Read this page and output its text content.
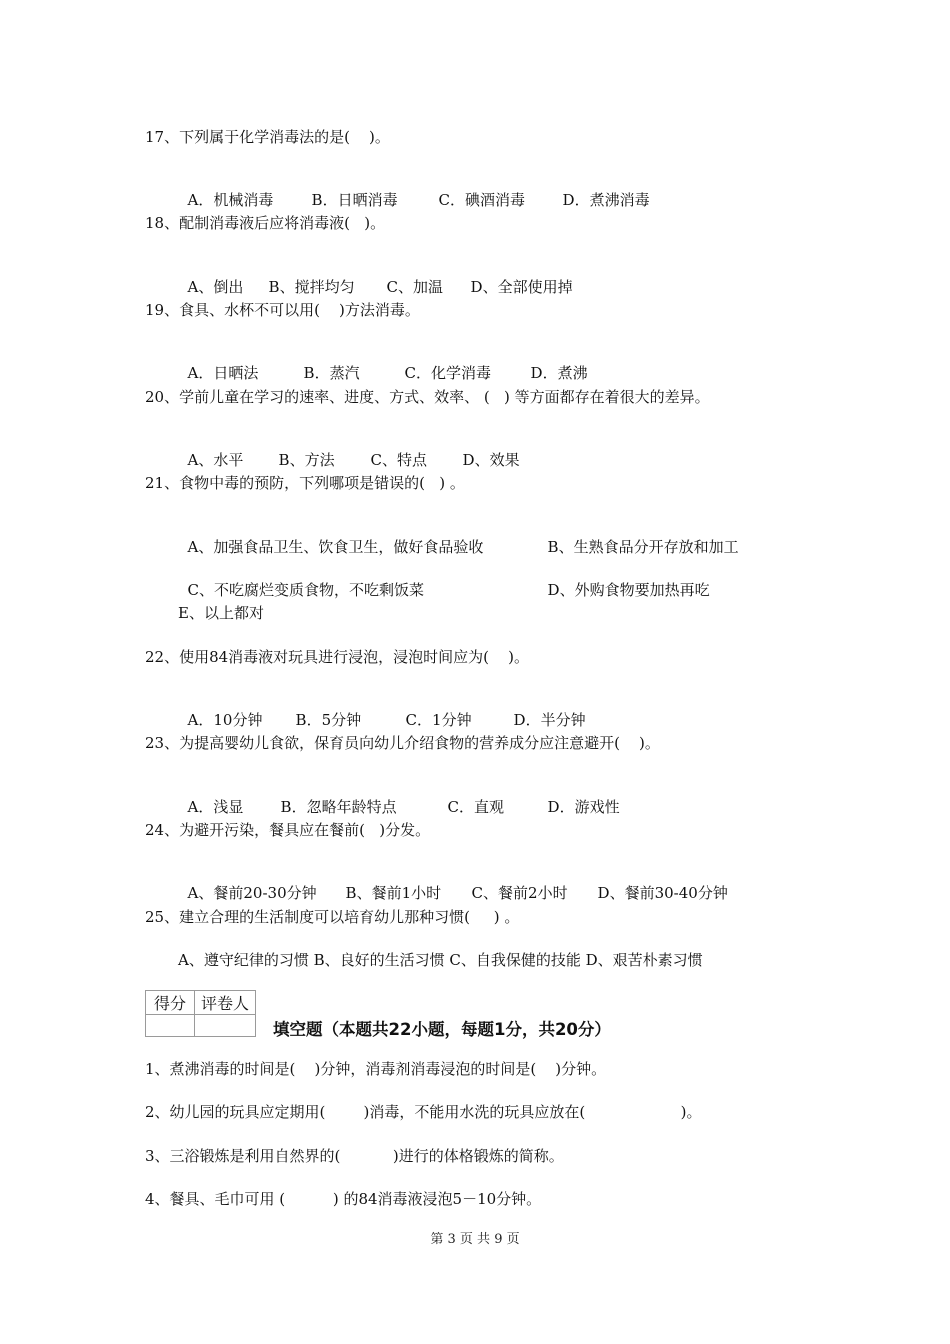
17、下列属于化学消毒法的是(    )。

A．机械消毒	B．日晒消毒	C．碘酒消毒	D．煮沸消毒

18、配制消毒液后应将消毒液(   )。

A、倒出 B、搅拌均匀 C、加温 D、全部使用掉

19、食具、水杯不可以用(    )方法消毒。

A．日晒法	B．蒸汽	C．化学消毒	D．煮沸

20、学前儿童在学习的速率、进度、方式、效率、 (   ) 等方面都存在着很大的差异。

A、水平 B、方法 C、特点 D、效果

21、食物中毒的预防，下列哪项是错误的(   ) 。

A、加强食品卫生、饮食卫生，做好食品验收	B、生熟食品分开存放和加工

C、不吃腐烂变质食物，不吃剩饭菜	D、外购食物要加热再吃

E、以上都对
22、使用84消毒液对玩具进行浸泡，浸泡时间应为(    )。

A．10分钟 B．5分钟	C．1分钟	D．半分钟

23、为提高婴幼儿食欲，保育员向幼儿介绍食物的营养成分应注意避开(    )。

A．浅显 B．忽略年龄特点	C．直观	D．游戏性

24、为避开污染，餐具应在餐前(   )分发。

A、餐前20-30分钟 B、餐前1小时 C、餐前2小时 D、餐前30-40分钟

25、建立合理的生活制度可以培育幼儿那种习惯(     ) 。
A、遵守纪律的习惯 B、良好的生活习惯 C、自我保健的技能 D、艰苦朴素习惯
得分	评卷人

填空题（本题共22小题，每题1分，共20分）
1、煮沸消毒的时间是(    )分钟，消毒剂消毒浸泡的时间是(    )分钟。
2、幼儿园的玩具应定期用(        )消毒，不能用水洗的玩具应放在(                    )。
3、三浴锻炼是利用自然界的(           )进行的体格锻炼的简称。
4、餐具、毛巾可用 (          ) 的84消毒液浸泡5－10分钟。
第 3 页 共 9 页
